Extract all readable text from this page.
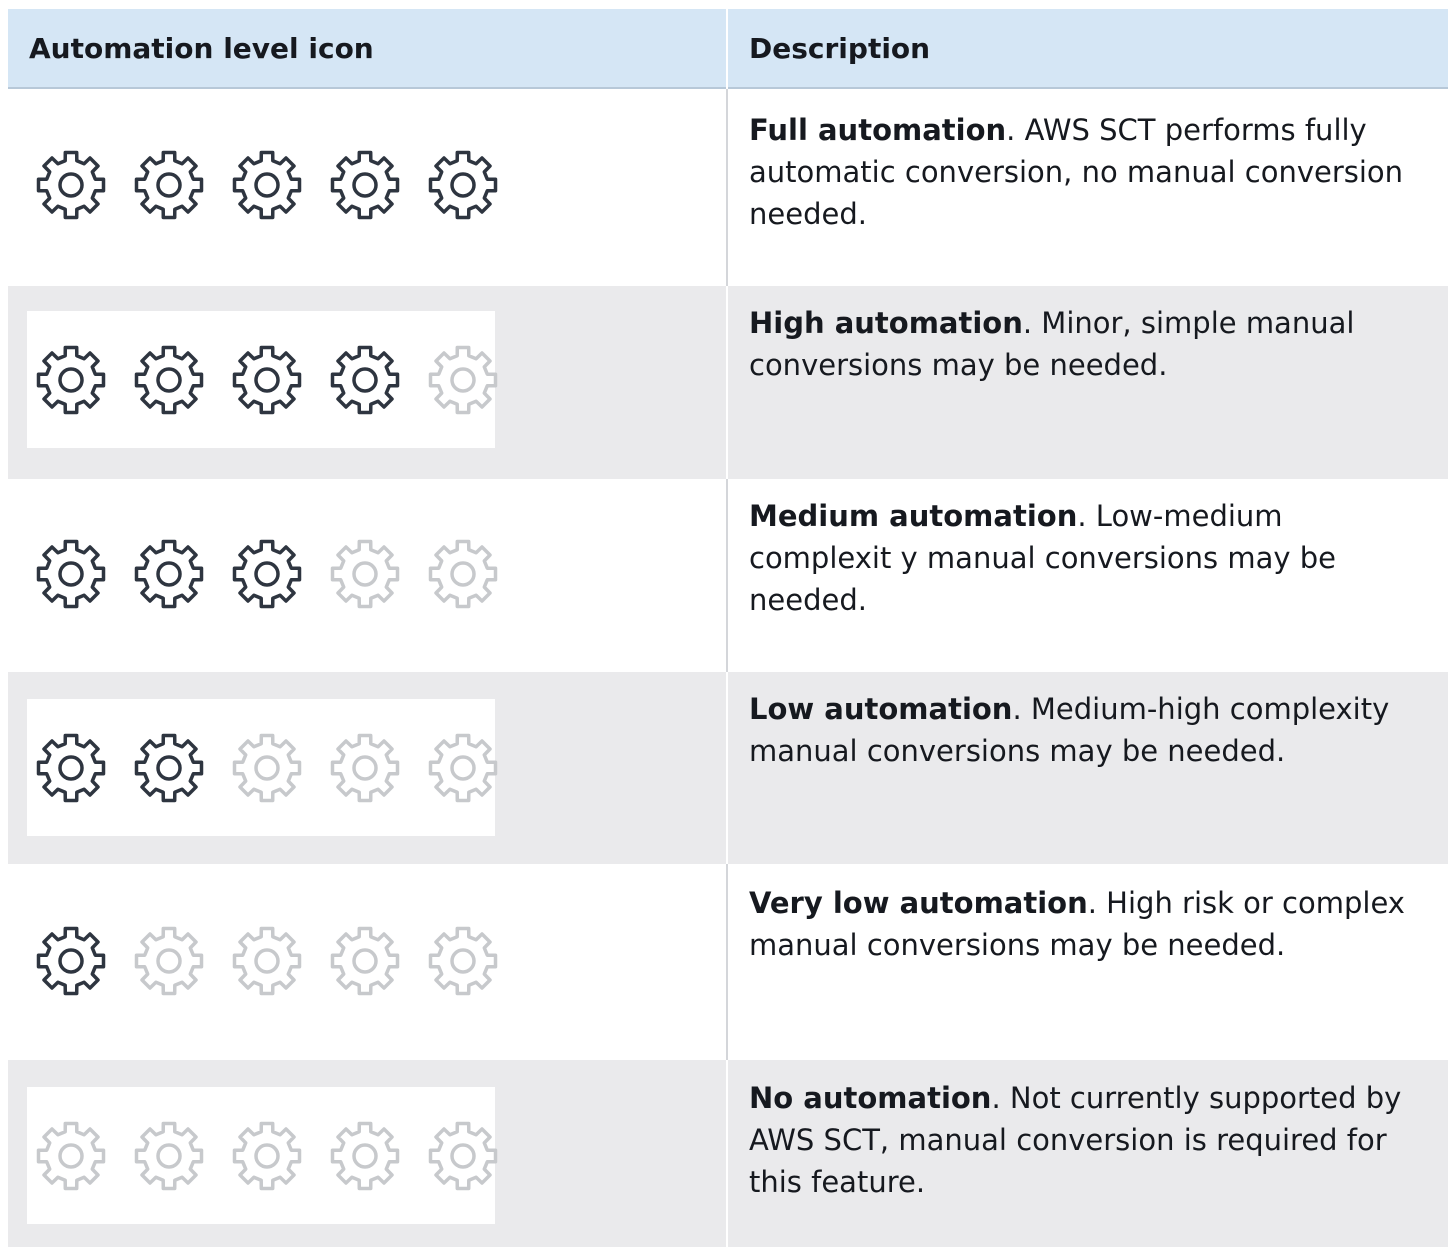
Automation level icon	Description
Full automation. AWS SCT performs fully automatic conversion, no manual conversion needed.
High automation. Minor, simple manual conversions may be needed.
Medium automation. Low-medium complexit y manual conversions may be needed.
Low automation. Medium-high complexity manual conversions may be needed.
Very low automation. High risk or complex manual conversions may be needed.
No automation. Not currently supported by AWS SCT, manual conversion is required for this feature.
